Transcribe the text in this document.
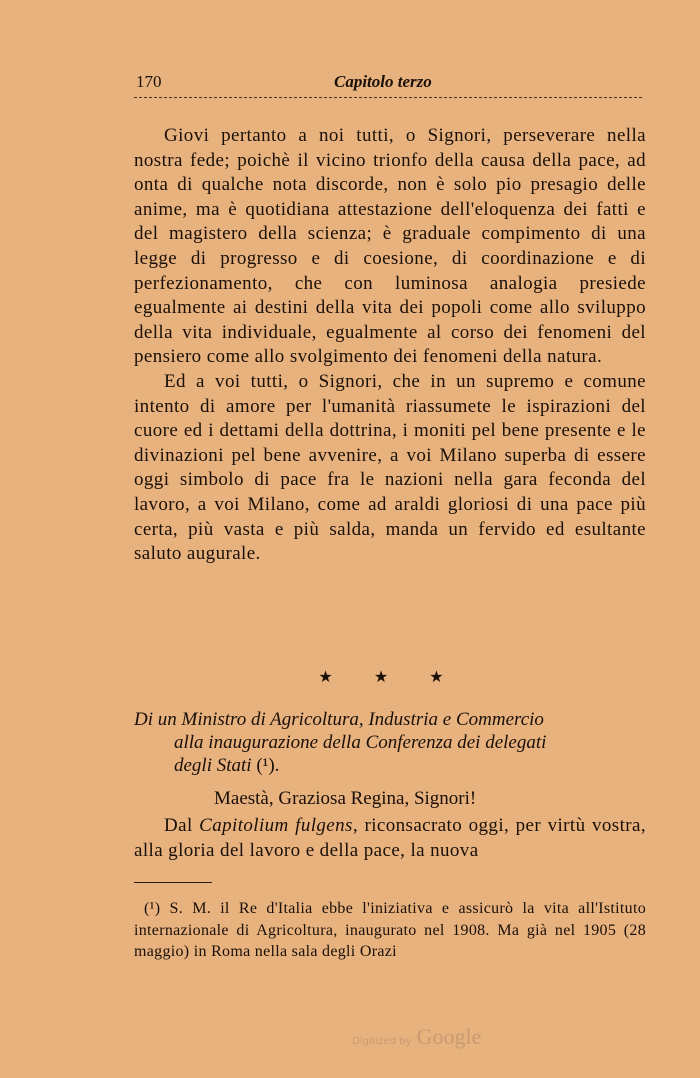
170	Capitolo terzo

Giovi pertanto a noi tutti, o Signori, perseverare nella nostra fede; poichè il vicino trionfo della causa della pace, ad onta di qualche nota discorde, non è solo pio presagio delle anime, ma è quotidiana attestazione dell'eloquenza dei fatti e del magistero della scienza; è graduale compimento di una legge di progresso e di coesione, di coordinazione e di perfezionamento, che con luminosa analogia presiede egualmente ai destini della vita dei popoli come allo sviluppo della vita individuale, egualmente al corso dei fenomeni del pensiero come allo svolgimento dei fenomeni della natura.

Ed a voi tutti, o Signori, che in un supremo e comune intento di amore per l'umanità riassumete le ispirazioni del cuore ed i dettami della dottrina, i moniti pel bene presente e le divinazioni pel bene avvenire, a voi Milano superba di essere oggi simbolo di pace fra le nazioni nella gara feconda del lavoro, a voi Milano, come ad araldi gloriosi di una pace più certa, più vasta e più salda, manda un fervido ed esultante saluto augurale.

★ ★ ★
Di un Ministro di Agricoltura, Industria e Commercio
alla inaugurazione della Conferenza dei delegati
degli Stati (¹).
Maestà, Graziosa Regina, Signori!
Dal Capitolium fulgens, riconsacrato oggi, per virtù vostra, alla gloria del lavoro e della pace, la nuova
(¹) S. M. il Re d'Italia ebbe l'iniziativa e assicurò la vita all'Istituto internazionale di Agricoltura, inaugurato nel 1908. Ma già nel 1905 (28 maggio) in Roma nella sala degli Orazi
Digitized by Google
